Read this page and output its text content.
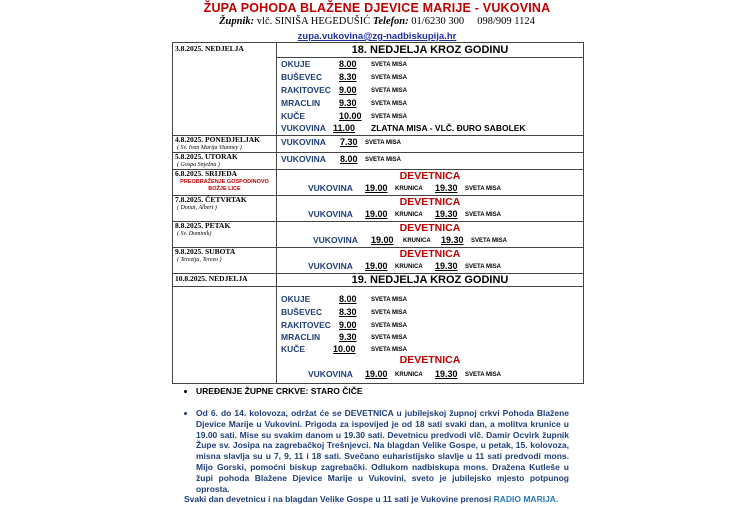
ŽUPA POHODA BLAŽENE DJEVICE MARIJE - VUKOVINA
Župnik: vlč. SINIŠA HEGEDUŠIĆ Telefon: 01/6230 300     098/909 1124
zupa.vukovina@zg-nadbiskupija.hr
3.8.2025. NEDJELJA	18. NEDJELJA KROZ GODINU
OKUJE	8.00 SVETA MISA
BUŠEVEC 8.30 SVETA MISA
RAKITOVEC 9.00 SVETA MISA
MRACLIN 9.30 SVETA MISA
KUČE	10.00 SVETA MISA
VUKOVINA 11.00 ZLATNA MISA - VLČ. ĐURO SABOLEK
4.8.2025. PONEDJELJAK
( Sv. Ivan Marija Vianney )
VUKOVINA 7.30 SVETA MISA
5.8.2025. UTORAK
( Gospa Snježna )
VUKOVINA 8.00 SVETA MISA
6.8.2025. SRIJEDA
PREOBRAŽENJE GOSPODINOVO BOŽJE LICE
DEVETNICA
VUKOVINA 19.00 KRUNICA 19.30 SVETA MISA
7.8.2025. ČETVRTAK
( Donat, Albert )	DEVETNICA
VUKOVINA 19.00 KRUNICA 19.30 SVETA MISA
8.8.2025. PETAK
( Sv. Dominik)	DEVETNICA
VUKOVINA 19.00 KRUNICA 19.30 SVETA MISA
9.8.2025. SUBOTA
( Terezija, Terezo )	DEVETNICA
VUKOVINA 19.00 KRUNICA 19.30 SVETA MISA
10.8.2025. NEDJELJA	19. NEDJELJA KROZ GODINU
OKUJE	8.00 SVETA MISA
BUŠEVEC 8.30 SVETA MISA
RAKITOVEC 9.00 SVETA MISA
MRACLIN 9.30 SVETA MISA
KUČE	10.00	SVETA MISA
DEVETNICA
VUKOVINA 19.00 KRUNICA 19.30 SVETA MISA
• UREĐENJE ŽUPNE CRKVE: STARO ČIČE
• Od 6. do 14. kolovoza, održat će se DEVETNICA u jubilejskoj župnoj crkvi Pohoda Blažene Djevice Marije u Vukovini. Prigoda za ispovijed je od 18 sati svaki dan, a molitva krunice u 19.00 sati. Mise su svakim danom u 19.30 sati. Devetnicu predvodi vlč. Damir Ocvirk župnik Župe sv. Josipa na zagrebačkoj Trešnjevci. Na blagdan Velike Gospe, u petak, 15. kolovoza, misna slavlja su u 7, 9, 11 i 18 sati. Svečano euharistijsko slavlje u 11 sati predvodi mons. Mijo Gorski, pomoćni biskup zagrebački. Odlukom nadbiskupa mons. Dražena Kutleše u župi pohoda Blažene Djevice Marije u Vukovini, sveto je jubilejsko mjesto potpunog oprosta.
Svaki dan devetnicu i na blagdan Velike Gospe u 11 sati je Vukovine prenosi RADIO MARIJA.
